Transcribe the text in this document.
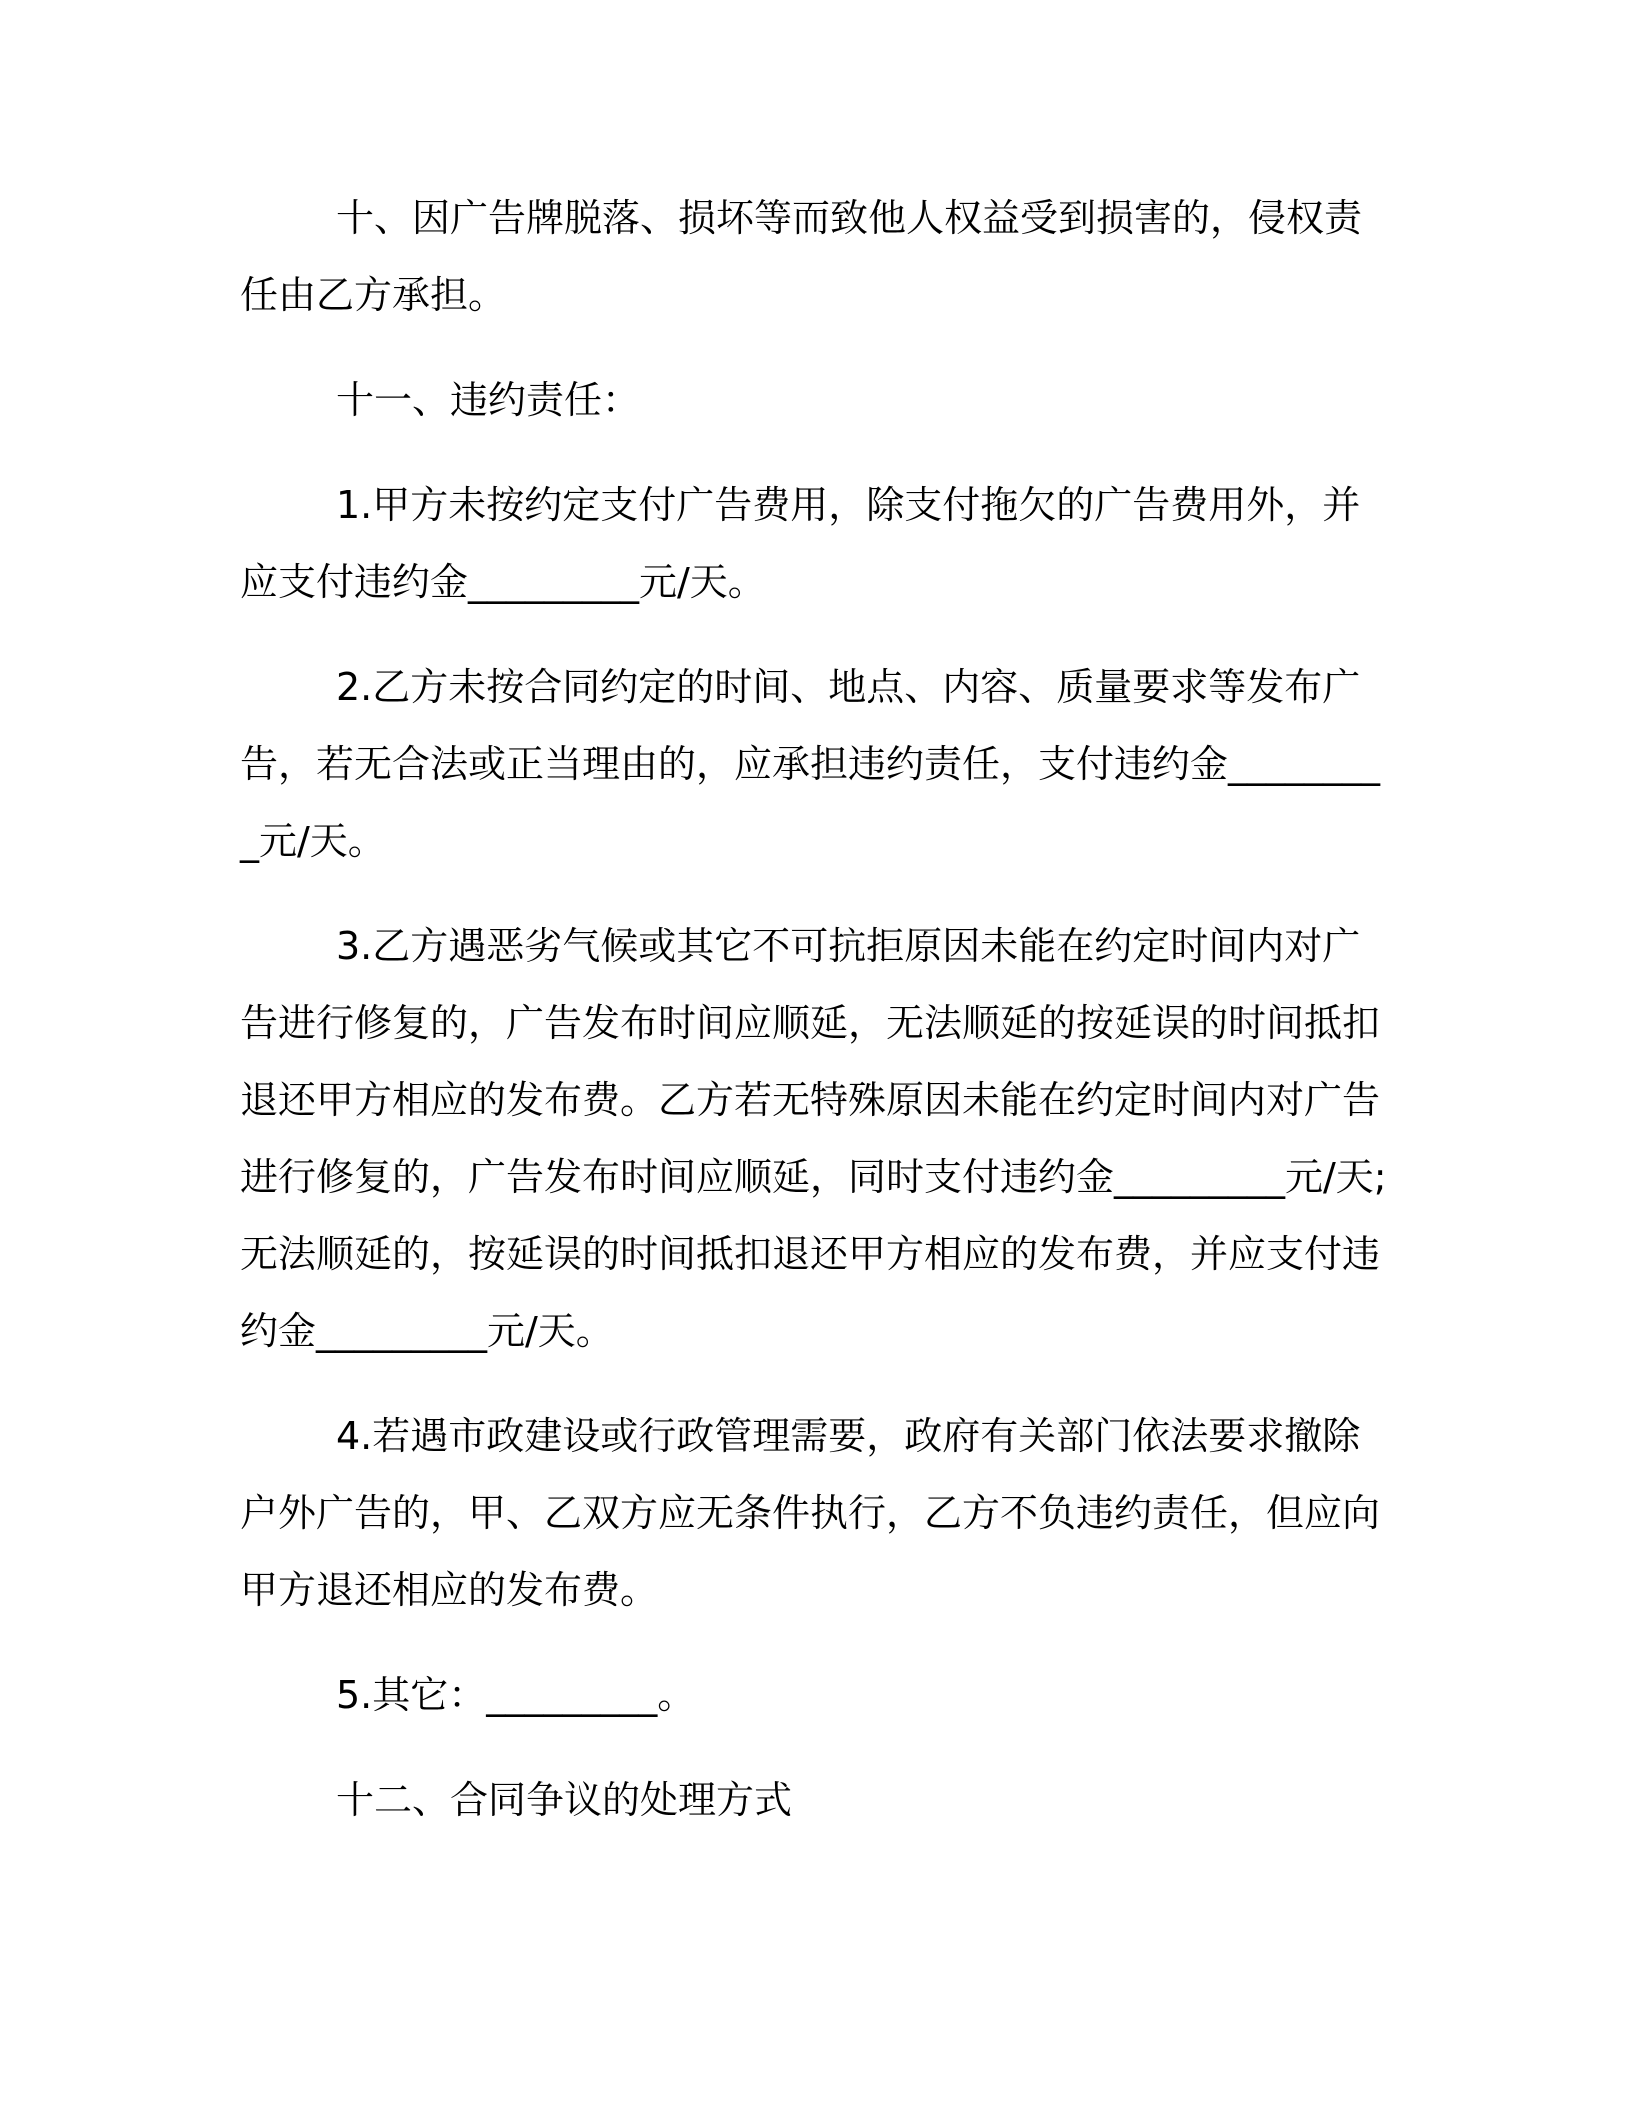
十、因广告牌脱落、损坏等而致他人权益受到损害的，侵权责任由乙方承担。

十一、违约责任：

1.甲方未按约定支付广告费用，除支付拖欠的广告费用外，并应支付违约金_________元/天。

2.乙方未按合同约定的时间、地点、内容、质量要求等发布广告，若无合法或正当理由的，应承担违约责任，支付违约金_________元/天。

3.乙方遇恶劣气候或其它不可抗拒原因未能在约定时间内对广告进行修复的，广告发布时间应顺延，无法顺延的按延误的时间抵扣退还甲方相应的发布费。乙方若无特殊原因未能在约定时间内对广告进行修复的，广告发布时间应顺延，同时支付违约金_________元/天;无法顺延的，按延误的时间抵扣退还甲方相应的发布费，并应支付违约金_________元/天。

4.若遇市政建设或行政管理需要，政府有关部门依法要求撤除户外广告的，甲、乙双方应无条件执行，乙方不负违约责任，但应向甲方退还相应的发布费。

5.其它：_________。

十二、合同争议的处理方式
